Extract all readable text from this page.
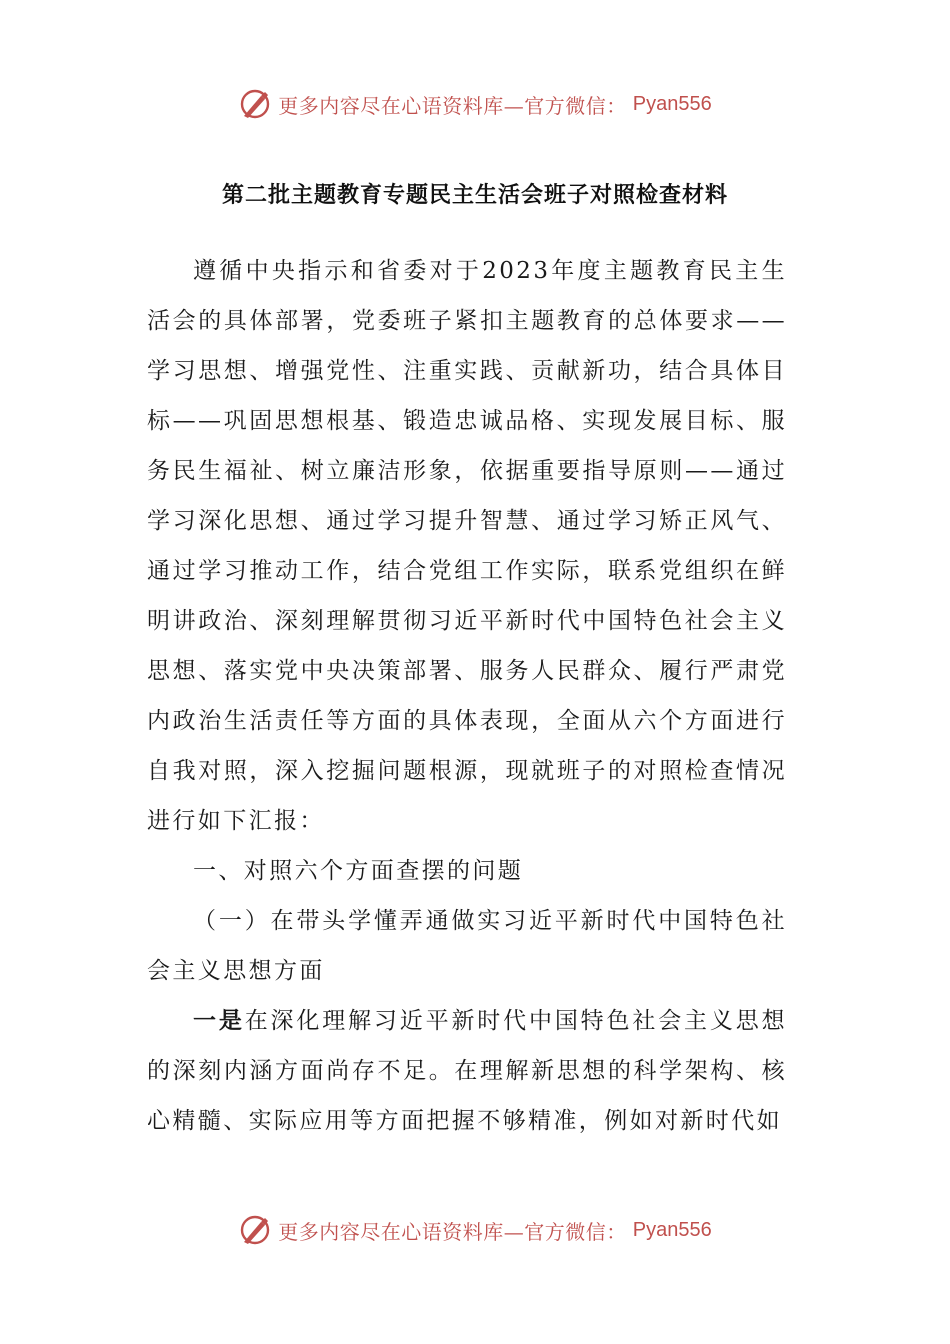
更多内容尽在心语资料库—官方微信： Pyan556
第二批主题教育专题民主生活会班子对照检查材料

遵循中央指示和省委对于2023年度主题教育民主生活会的具体部署，党委班子紧扣主题教育的总体要求——学习思想、增强党性、注重实践、贡献新功，结合具体目标——巩固思想根基、锻造忠诚品格、实现发展目标、服务民生福祉、树立廉洁形象，依据重要指导原则——通过学习深化思想、通过学习提升智慧、通过学习矫正风气、通过学习推动工作，结合党组工作实际，联系党组织在鲜明讲政治、深刻理解贯彻习近平新时代中国特色社会主义思想、落实党中央决策部署、服务人民群众、履行严肃党内政治生活责任等方面的具体表现，全面从六个方面进行自我对照，深入挖掘问题根源，现就班子的对照检查情况进行如下汇报：

一、对照六个方面查摆的问题

（一）在带头学懂弄通做实习近平新时代中国特色社会主义思想方面

一是在深化理解习近平新时代中国特色社会主义思想的深刻内涵方面尚存不足。在理解新思想的科学架构、核心精髓、实际应用等方面把握不够精准，例如对新时代如

更多内容尽在心语资料库—官方微信： Pyan556
